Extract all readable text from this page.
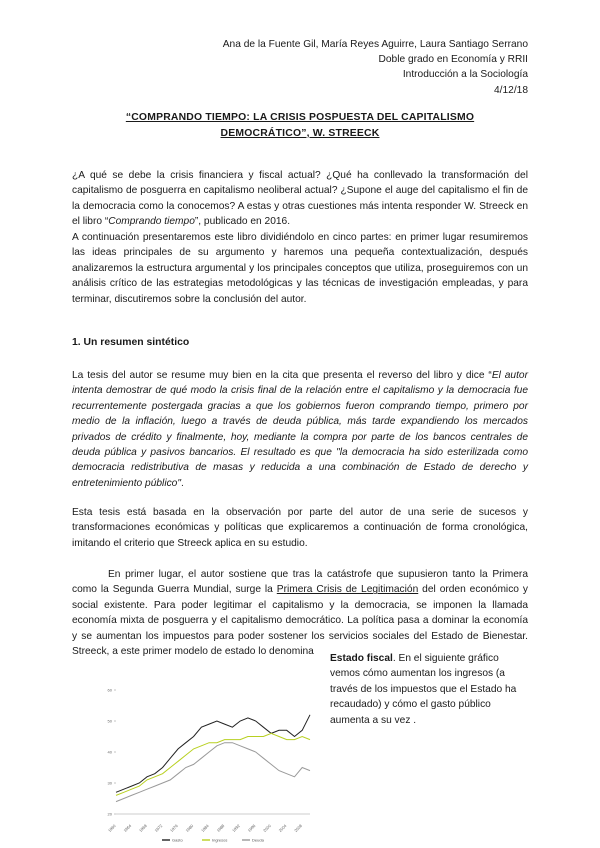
Ana de la Fuente Gil, María Reyes Aguirre, Laura Santiago Serrano
Doble grado en Economía y RRII
Introducción a la Sociología
4/12/18
“COMPRANDO TIEMPO: LA CRISIS POSPUESTA DEL CAPITALISMO
DEMOCRÁTICO”, W. STREECK
¿A qué se debe la crisis financiera y fiscal actual? ¿Qué ha conllevado la transformación del capitalismo de posguerra en capitalismo neoliberal actual? ¿Supone el auge del capitalismo el fin de la democracia como la conocemos? A estas y otras cuestiones más intenta responder W. Streeck en el libro “Comprando tiempo”, publicado en 2016.
A continuación presentaremos este libro dividiéndolo en cinco partes: en primer lugar resumiremos las ideas principales de su argumento y haremos una pequeña contextualización, después analizaremos la estructura argumental y los principales conceptos que utiliza, proseguiremos con un análisis crítico de las estrategias metodológicas y las técnicas de investigación empleadas, y para terminar, discutiremos sobre la conclusión del autor.
1. Un resumen sintético
La tesis del autor se resume muy bien en la cita que presenta el reverso del libro y dice “El autor intenta demostrar de qué modo la crisis final de la relación entre el capitalismo y la democracia fue recurrentemente postergada gracias a que los gobiernos fueron comprando tiempo, primero por medio de la inflación, luego a través de deuda pública, más tarde expandiendo los mercados privados de crédito y finalmente, hoy, mediante la compra por parte de los bancos centrales de deuda pública y pasivos bancarios. El resultado es que "la democracia ha sido esterilizada como democracia redistributiva de masas y reducida a una combinación de Estado de derecho y entretenimiento público".
Esta tesis está basada en la observación por parte del autor de una serie de sucesos y transformaciones económicas y políticas que explicaremos a continuación de forma cronológica, imitando el criterio que Streeck aplica en su estudio.
En primer lugar, el autor sostiene que tras la catástrofe que supusieron tanto la Primera como la Segunda Guerra Mundial, surge la Primera Crisis de Legitimación del orden económico y social existente. Para poder legitimar el capitalismo y la democracia, se imponen la llamada economía mixta de posguerra y el capitalismo democrático. La política pasa a dominar la economía y se aumentan los impuestos para poder sostener los servicios sociales del Estado de Bienestar. Streeck, a este primer modelo de estado lo denomina
Estado fiscal. En el siguiente gráfico vemos cómo aumentan los ingresos (a través de los impuestos que el Estado ha recaudado) y cómo el gasto público aumenta a su vez .
20
30
40
50
60
1960 1964 1968 1972 1976 1980 1984 1988 1992 1996 2000 2004 2008
Gasto	Ingresos	Deuda
